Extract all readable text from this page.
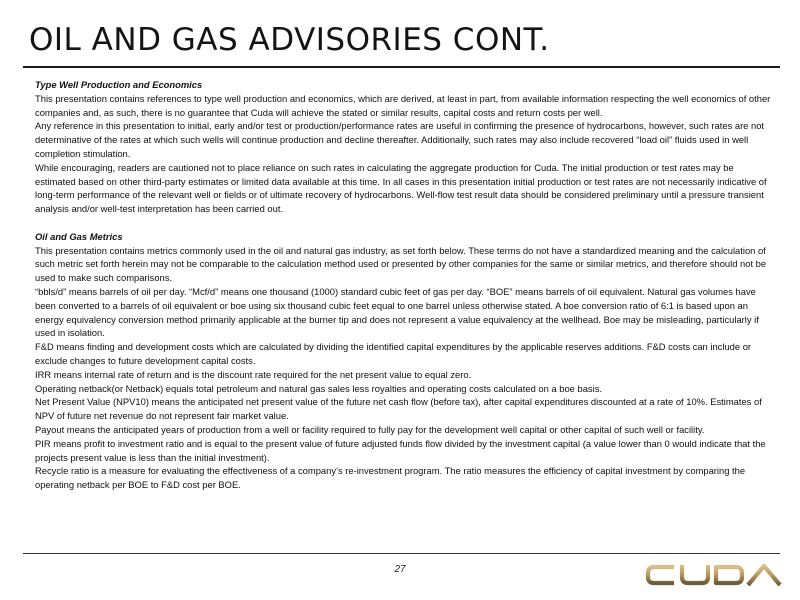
OIL AND GAS ADVISORIES CONT.

Type Well Production and Economics

This presentation contains references to type well production and economics, which are derived, at least in part, from available information respecting the well economics of other companies and, as such, there is no guarantee that Cuda will achieve the stated or similar results, capital costs and return costs per well.

Any reference in this presentation to initial, early and/or test or production/performance rates are useful in confirming the presence of hydrocarbons, however, such rates are not determinative of the rates at which such wells will continue production and decline thereafter. Additionally, such rates may also include recovered “load oil” fluids used in well completion stimulation.

While encouraging, readers are cautioned not to place reliance on such rates in calculating the aggregate production for Cuda. The initial production or test rates may be estimated based on other third-party estimates or limited data available at this time. In all cases in this presentation initial production or test rates are not necessarily indicative of long-term performance of the relevant well or fields or of ultimate recovery of hydrocarbons. Well-flow test result data should be considered preliminary until a pressure transient analysis and/or well-test interpretation has been carried out.

Oil and Gas Metrics

This presentation contains metrics commonly used in the oil and natural gas industry, as set forth below. These terms do not have a standardized meaning and the calculation of such metric set forth herein may not be comparable to the calculation method used or presented by other companies for the same or similar metrics, and therefore should not be used to make such comparisons.

“bbls/d” means barrels of oil per day. “Mcf/d” means one thousand (1000) standard cubic feet of gas per day. “BOE” means barrels of oil equivalent. Natural gas volumes have been converted to a barrels of oil equivalent or boe using six thousand cubic feet equal to one barrel unless otherwise stated. A boe conversion ratio of 6:1 is based upon an energy equivalency conversion method primarily applicable at the burner tip and does not represent a value equivalency at the wellhead. Boe may be misleading, particularly if used in isolation.

F&D means finding and development costs which are calculated by dividing the identified capital expenditures by the applicable reserves additions. F&D costs can include or exclude changes to future development capital costs.

IRR means internal rate of return and is the discount rate required for the net present value to equal zero.

Operating netback(or Netback) equals total petroleum and natural gas sales less royalties and operating costs calculated on a boe basis.

Net Present Value (NPV10) means the anticipated net present value of the future net cash flow (before tax), after capital expenditures discounted at a rate of 10%. Estimates of NPV of future net revenue do not represent fair market value.

Payout means the anticipated years of production from a well or facility required to fully pay for the development well capital or other capital of such well or facility.

PIR means profit to investment ratio and is equal to the present value of future adjusted funds flow divided by the investment capital (a value lower than 0 would indicate that the projects present value is less than the initial investment).

Recycle ratio is a measure for evaluating the effectiveness of a company’s re-investment program. The ratio measures the efficiency of capital investment by comparing the operating netback per BOE to F&D cost per BOE.

27
